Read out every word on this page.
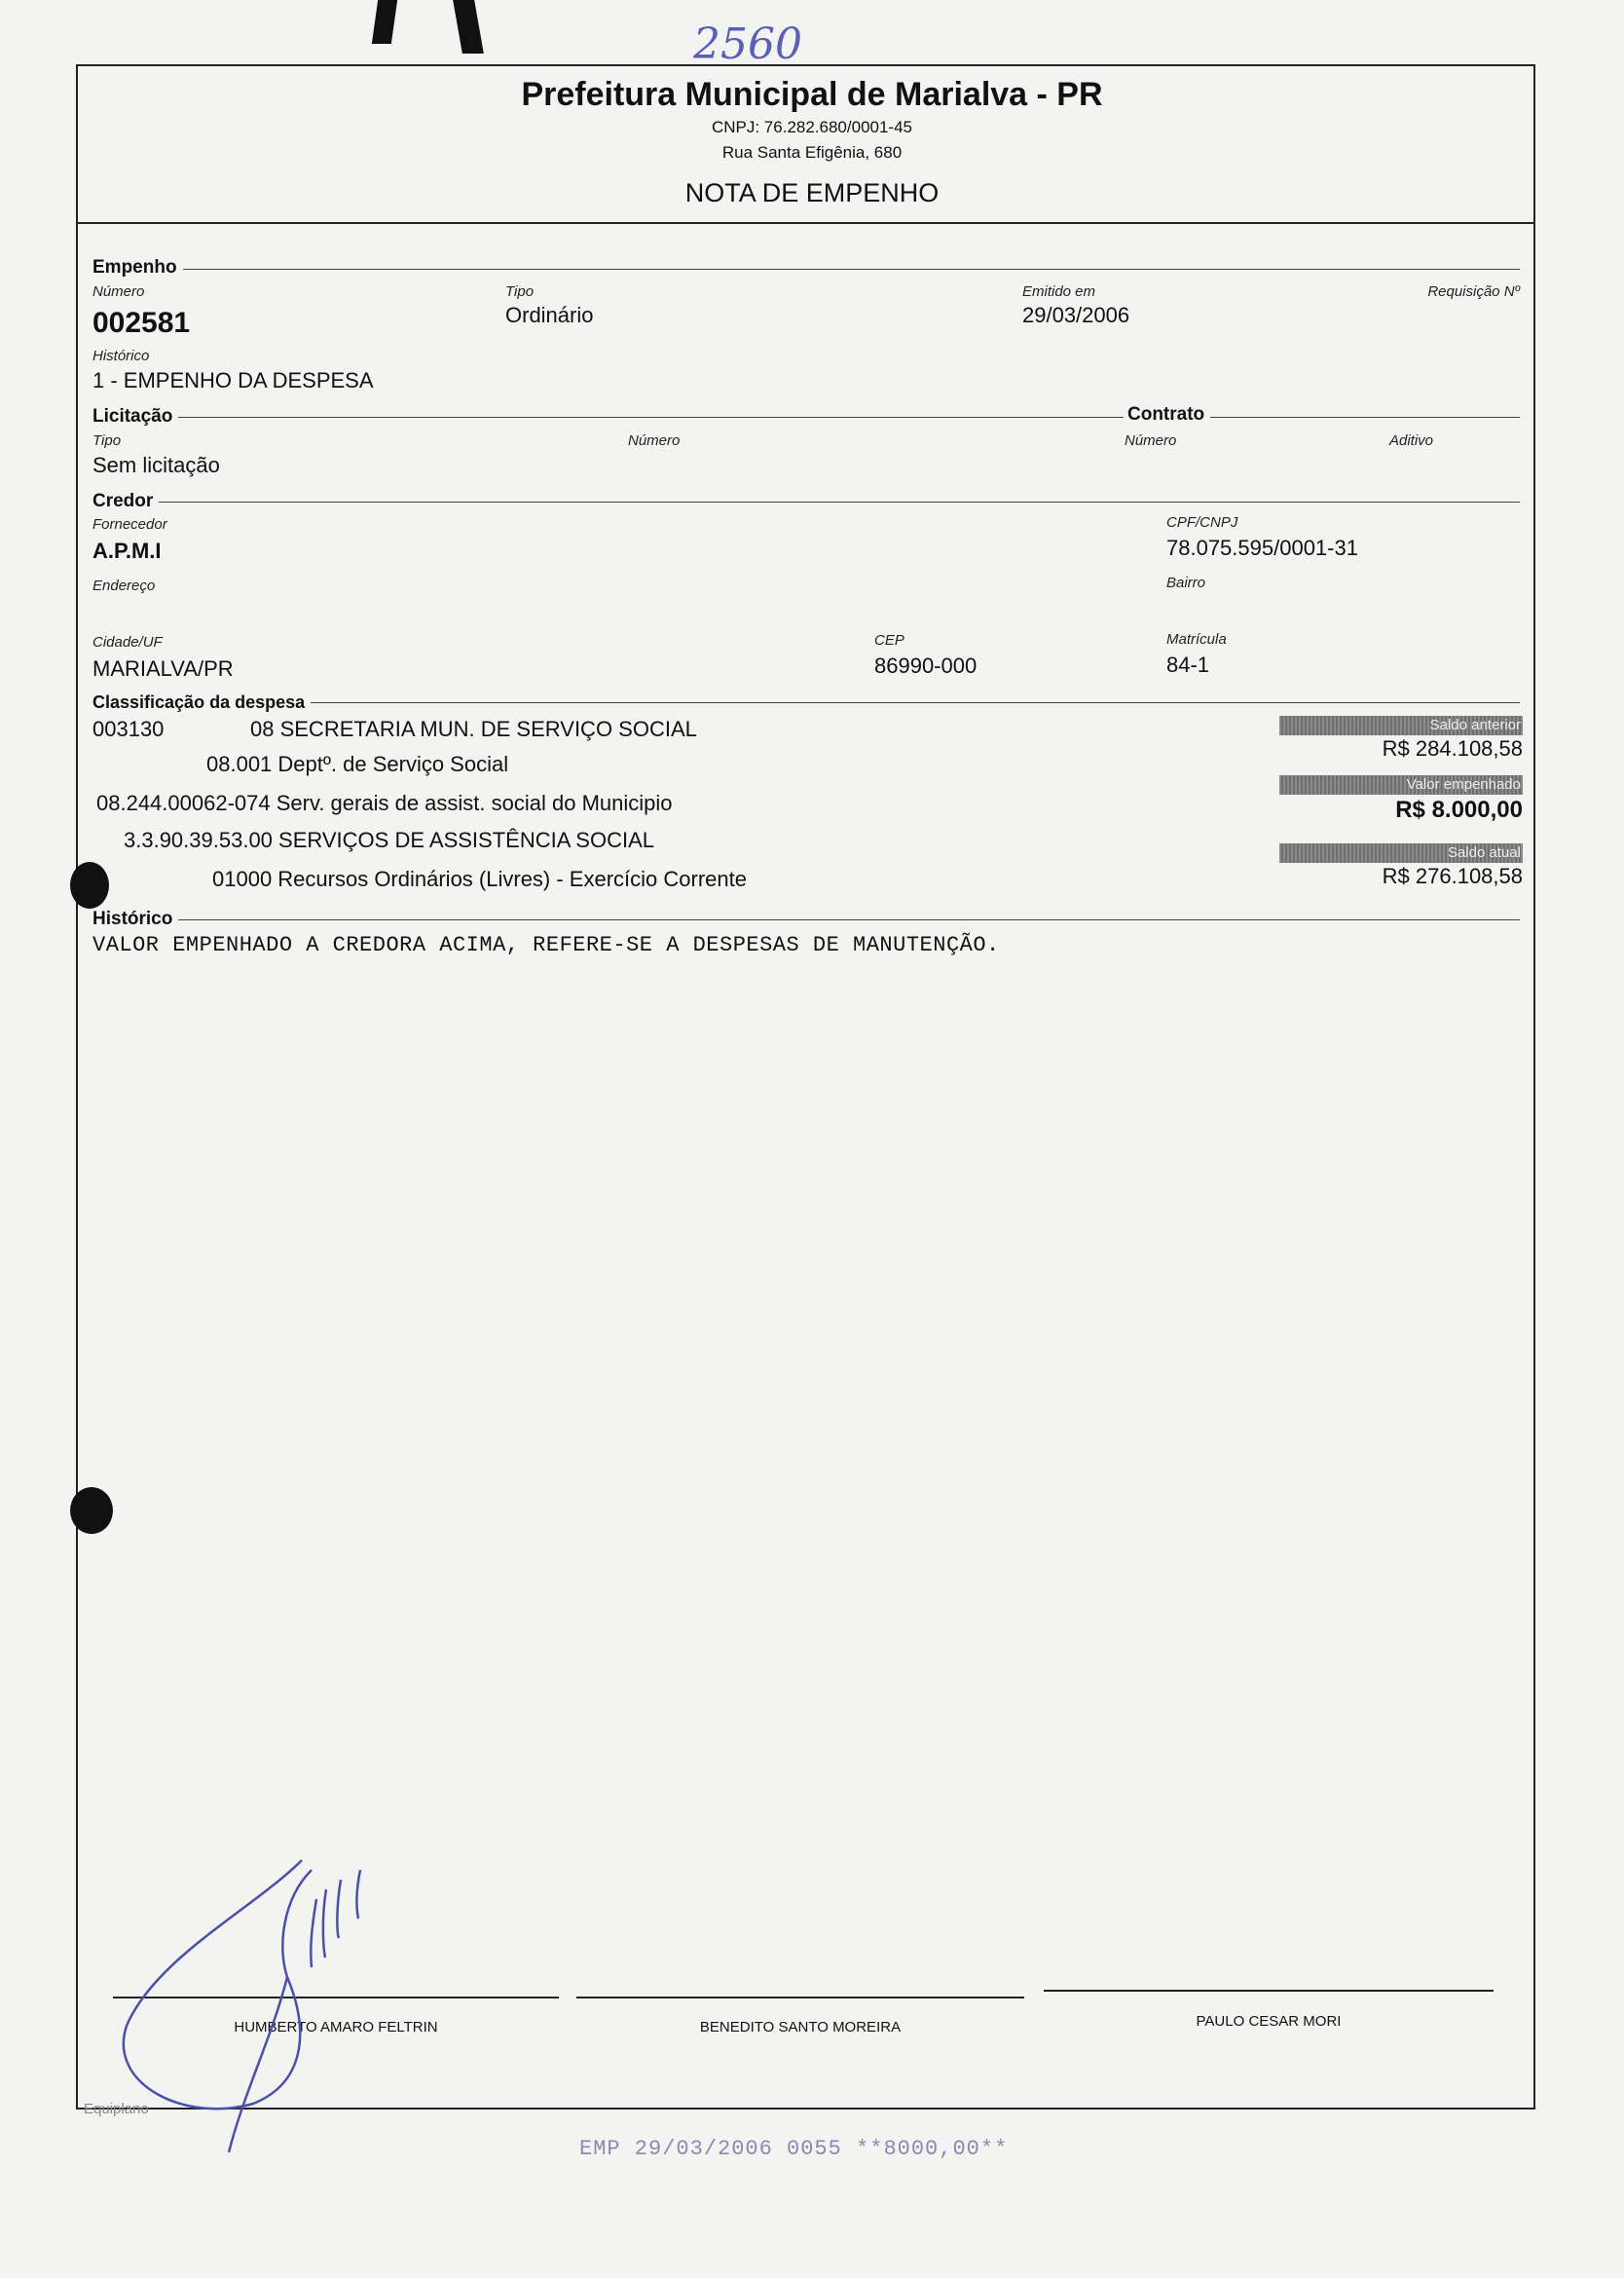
2560
Prefeitura Municipal de Marialva - PR
CNPJ: 76.282.680/0001-45
Rua Santa Efigênia, 680
NOTA DE EMPENHO
Empenho
Número
002581
Tipo
Ordinário
Emitido em
29/03/2006
Requisição Nº
Histórico
1 - EMPENHO DA DESPESA
Licitação	Contrato
Tipo
Sem licitação
Número	Número	Aditivo
Credor
Fornecedor
A.P.M.I
CPF/CNPJ
78.075.595/0001-31
Endereço	Bairro
Cidade/UF
MARIALVA/PR
CEP
86990-000
Matrícula
84-1
Classificação da despesa
003130	08 SECRETARIA MUN. DE SERVIÇO SOCIAL
08.001 Deptº. de Serviço Social
08.244.00062-074 Serv. gerais de assist. social do Municipio
3.3.90.39.53.00 SERVIÇOS DE ASSISTÊNCIA SOCIAL
01000 Recursos Ordinários (Livres) - Exercício Corrente
Saldo anterior
R$ 284.108,58
Valor empenhado
R$ 8.000,00
Saldo atual
R$ 276.108,58
Histórico
VALOR EMPENHADO A CREDORA ACIMA, REFERE-SE A DESPESAS DE MANUTENÇÃO.
HUMBERTO AMARO FELTRIN	BENEDITO SANTO MOREIRA	PAULO CESAR MORI
Equiplano
EMP 29/03/2006 0055 **8000,00**
